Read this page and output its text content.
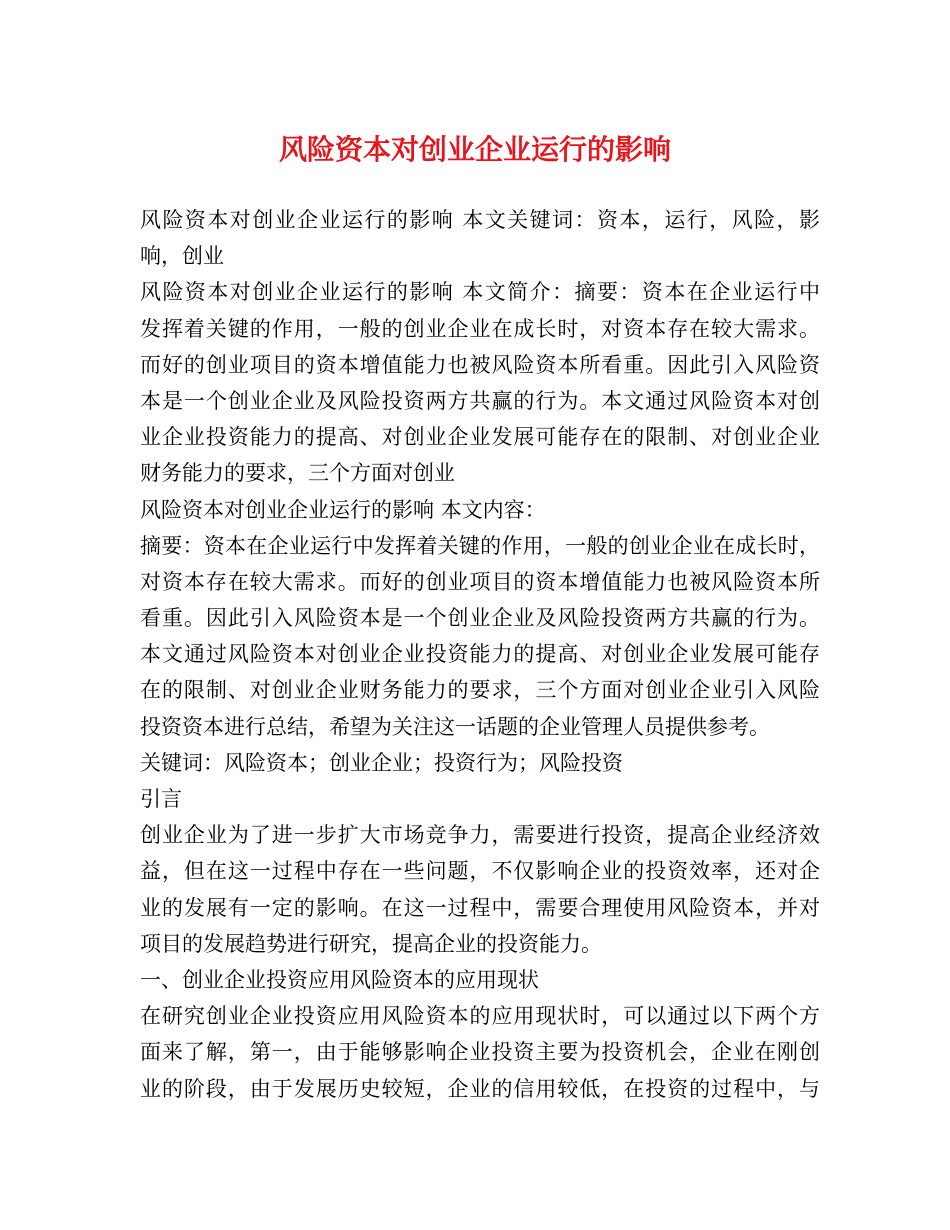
风险资本对创业企业运行的影响
风险资本对创业企业运行的影响 本文关键词：资本，运行，风险，影
响，创业
风险资本对创业企业运行的影响 本文简介：摘要：资本在企业运行中
发挥着关键的作用，一般的创业企业在成长时，对资本存在较大需求。
而好的创业项目的资本增值能力也被风险资本所看重。因此引入风险资
本是一个创业企业及风险投资两方共赢的行为。本文通过风险资本对创
业企业投资能力的提高、对创业企业发展可能存在的限制、对创业企业
财务能力的要求，三个方面对创业
风险资本对创业企业运行的影响 本文内容：
摘要：资本在企业运行中发挥着关键的作用，一般的创业企业在成长时，
对资本存在较大需求。而好的创业项目的资本增值能力也被风险资本所
看重。因此引入风险资本是一个创业企业及风险投资两方共赢的行为。
本文通过风险资本对创业企业投资能力的提高、对创业企业发展可能存
在的限制、对创业企业财务能力的要求，三个方面对创业企业引入风险
投资资本进行总结，希望为关注这一话题的企业管理人员提供参考。
关键词：风险资本；创业企业；投资行为；风险投资
引言
创业企业为了进一步扩大市场竞争力，需要进行投资，提高企业经济效
益，但在这一过程中存在一些问题，不仅影响企业的投资效率，还对企
业的发展有一定的影响。在这一过程中，需要合理使用风险资本，并对
项目的发展趋势进行研究，提高企业的投资能力。
一、创业企业投资应用风险资本的应用现状
在研究创业企业投资应用风险资本的应用现状时，可以通过以下两个方
面来了解，第一，由于能够影响企业投资主要为投资机会，企业在刚创
业的阶段，由于发展历史较短，企业的信用较低，在投资的过程中，与
